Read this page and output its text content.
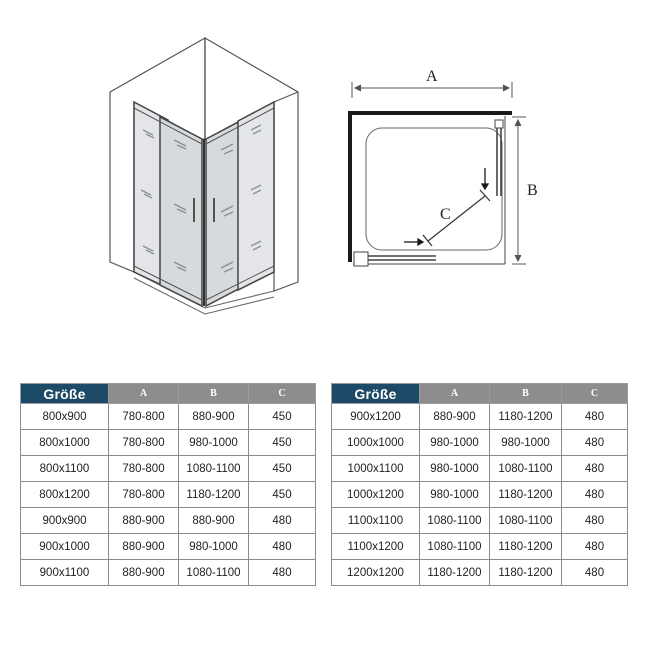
A
B
C
Größe	A	B	C
800x900	780-800	880-900	450
800x1000	780-800	980-1000	450
800x1100	780-800	1080-1100	450
800x1200	780-800	1180-1200	450
900x900	880-900	880-900	480
900x1000	880-900	980-1000	480
900x1100	880-900	1080-1100	480
Größe	A	B	C
900x1200	880-900	1180-1200	480
1000x1000	980-1000	980-1000	480
1000x1100	980-1000	1080-1100	480
1000x1200	980-1000	1180-1200	480
1100x1100	1080-1100	1080-1100	480
1100x1200	1080-1100	1180-1200	480
1200x1200	1180-1200	1180-1200	480
